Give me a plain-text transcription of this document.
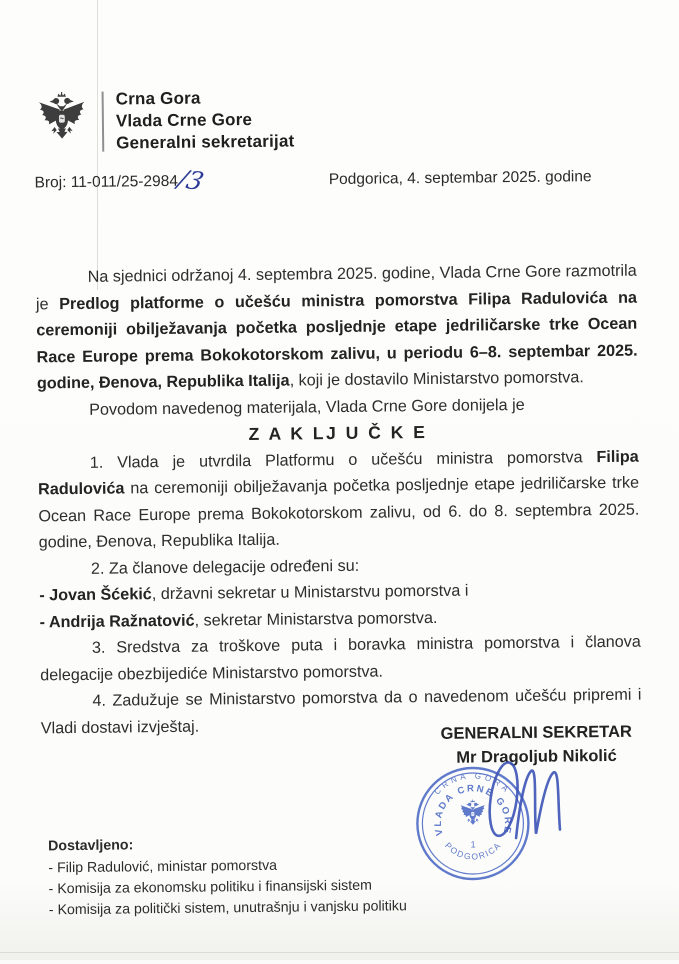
Crna Gora
Vlada Crne Gore
Generalni sekretarijat
Broj: 11-011/25-2984
/3	Podgorica, 4. septembar 2025. godine

Na sjednici održanoj 4. septembra 2025. godine, Vlada Crne Gore razmotrila je Predlog platforme o učešću ministra pomorstva Filipa Radulovića na ceremoniji obilježavanja početka posljednje etape jedriličarske trke Ocean Race Europe prema Bokokotorskom zalivu, u periodu 6–8. septembar 2025. godine, Đenova, Republika Italija, koji je dostavilo Ministarstvo pomorstva.

Povodom navedenog materijala, Vlada Crne Gore donijela je

Z A K LJ U Č K E

1. Vlada je utvrdila Platformu o učešću ministra pomorstva Filipa Radulovića na ceremoniji obilježavanja početka posljednje etape jedriličarske trke Ocean Race Europe prema Bokokotorskom zalivu, od 6. do 8. septembra 2025. godine, Đenova, Republika Italija.

2. Za članove delegacije određeni su:

- Jovan Šćekić, državni sekretar u Ministarstvu pomorstva i

- Andrija Ražnatović, sekretar Ministarstva pomorstva.

3. Sredstva za troškove puta i boravka ministra pomorstva i članova delegacije obezbijediće Ministarstvo pomorstva.

4. Zadužuje se Ministarstvo pomorstva da o navedenom učešću pripremi i Vladi dostavi izvještaj.	GENERALNI SEKRETAR
Mr Dragoljub Nikolić
CRNA GORA
VLADA CRNE GORE
PODGORICA
1

Dostavljeno:

- Filip Radulović, ministar pomorstva

- Komisija za ekonomsku politiku i finansijski sistem

- Komisija za politički sistem, unutrašnju i vanjsku politiku
